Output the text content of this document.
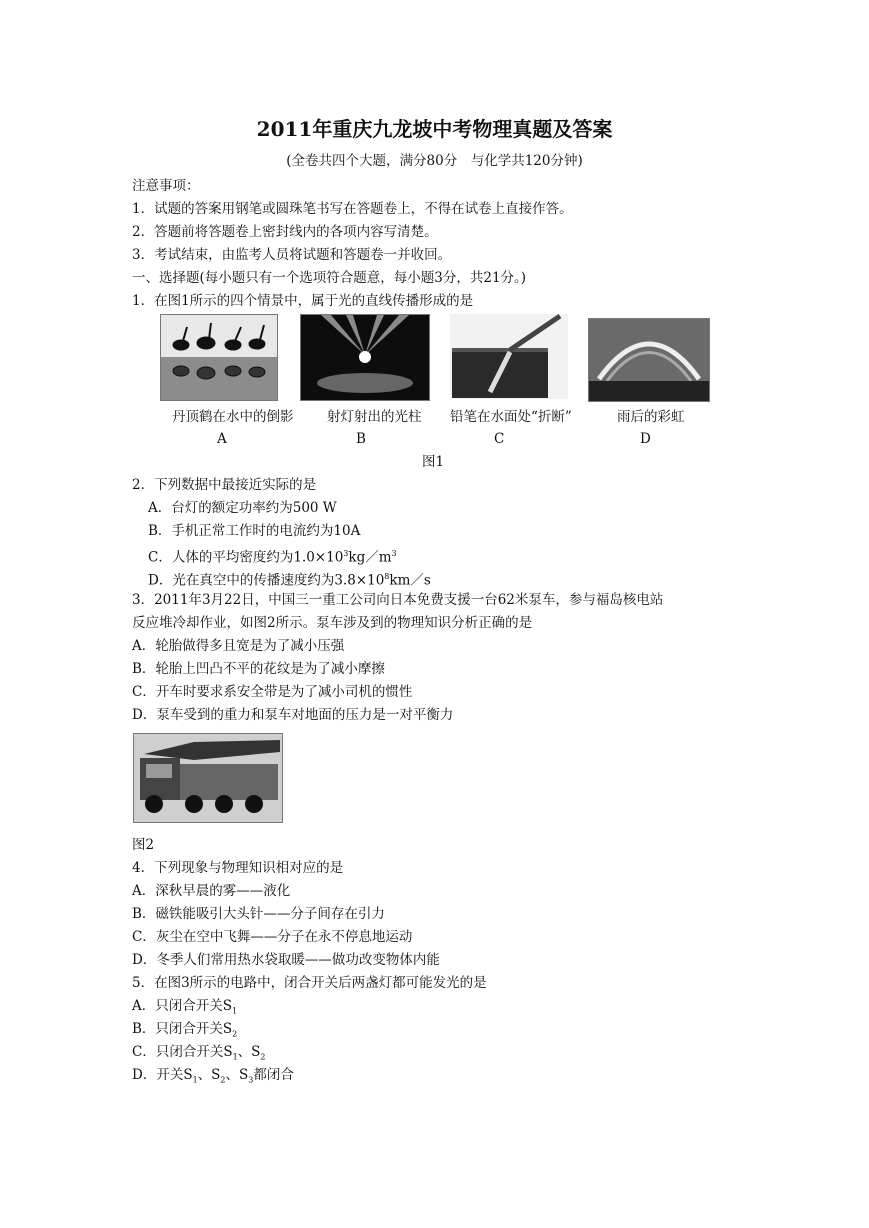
2011年重庆九龙坡中考物理真题及答案
(全卷共四个大题，满分80分　与化学共120分钟)
注意事项：
1．试题的答案用钢笔或圆珠笔书写在答题卷上，不得在试卷上直接作答。
2．答题前将答题卷上密封线内的各项内容写清楚。
3．考试结束，由监考人员将试题和答题卷一并收回。
一、选择题(每小题只有一个选项符合题意，每小题3分，共21分。)
1．在图1所示的四个情景中，属于光的直线传播形成的是
丹顶鹤在水中的倒影 射灯射出的光柱 铅笔在水面处“折断”	雨后的彩虹
A	B	C	D
图1
2．下列数据中最接近实际的是
A．台灯的额定功率约为500 W
B．手机正常工作时的电流约为10A
C．人体的平均密度约为$1.0\times 10^3kg/m^3$
D．光在真空中的传播速度约为$3.8\times 10^8km/s$
3．2011年3月22日，中国三一重工公司向日本免费支援一台62米泵车，参与福岛核电站
反应堆冷却作业，如图2所示。泵车涉及到的物理知识分析正确的是
A．轮胎做得多且宽是为了减小压强
B．轮胎上凹凸不平的花纹是为了减小摩擦
C．开车时要求系安全带是为了减小司机的惯性
D．泵车受到的重力和泵车对地面的压力是一对平衡力
图2
4．下列现象与物理知识相对应的是
A．深秋早晨的雾——液化
B．磁铁能吸引大头针——分子间存在引力
C．灰尘在空中飞舞——分子在永不停息地运动
D．冬季人们常用热水袋取暖——做功改变物体内能
5．在图3所示的电路中，闭合开关后两盏灯都可能发光的是
A．只闭合开关$S_1$
B．只闭合开关$S_2$
C．只闭合开关$S_1$、$S_2$
D．开关$S_1$、$S_2$、$S_3$都闭合
